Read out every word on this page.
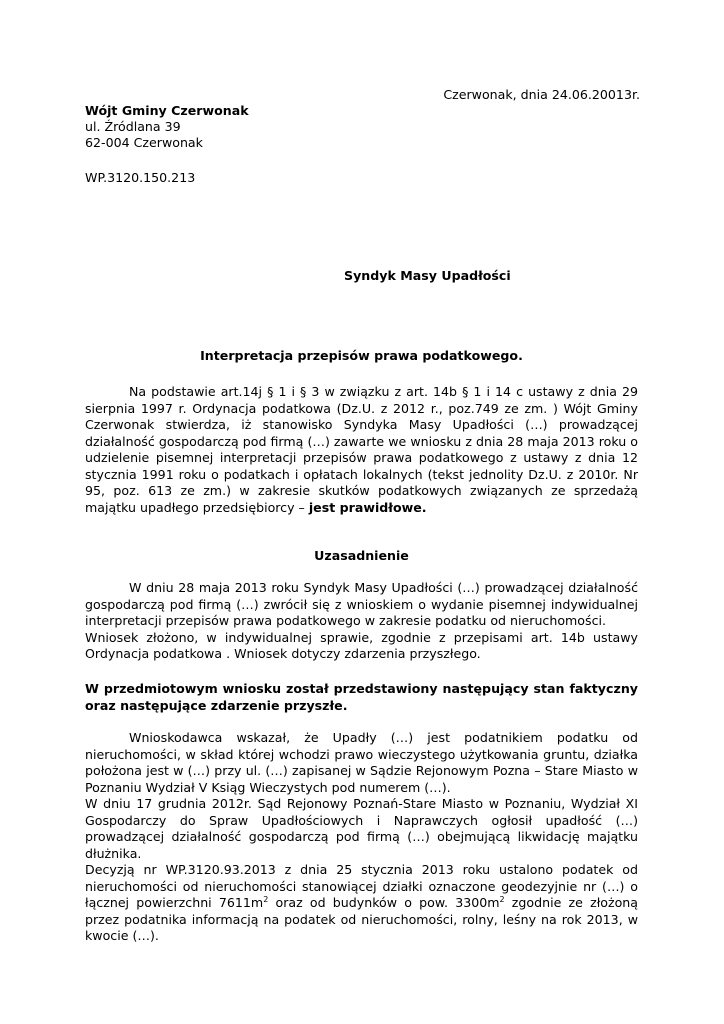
Czerwonak, dnia 24.06.20013r.
Wójt Gminy Czerwonak
ul. Źródlana 39
62-004 Czerwonak
WP.3120.150.213
Syndyk Masy Upadłości
Interpretacja przepisów prawa podatkowego.

Na podstawie art.14j § 1 i § 3 w związku z art. 14b § 1 i 14 c ustawy z dnia 29 sierpnia 1997 r. Ordynacja podatkowa (Dz.U. z 2012 r., poz.749 ze zm. ) Wójt Gminy Czerwonak stwierdza, iż stanowisko Syndyka Masy Upadłości (…) prowadzącej działalność gospodarczą pod firmą (…) zawarte we wniosku z dnia 28 maja 2013 roku o udzielenie pisemnej interpretacji przepisów prawa podatkowego z ustawy z dnia 12 stycznia 1991 roku o podatkach i opłatach lokalnych (tekst jednolity Dz.U. z 2010r. Nr 95, poz. 613 ze zm.) w zakresie skutków podatkowych związanych ze sprzedażą majątku upadłego przedsiębiorcy – jest prawidłowe.

Uzasadnienie

W dniu 28 maja 2013 roku Syndyk Masy Upadłości (…) prowadzącej działalność gospodarczą pod firmą (…) zwrócił się z wnioskiem o wydanie pisemnej indywidualnej interpretacji przepisów prawa podatkowego w zakresie podatku od nieruchomości.

Wniosek złożono, w indywidualnej sprawie, zgodnie z przepisami art. 14b ustawy Ordynacja podatkowa . Wniosek dotyczy zdarzenia przyszłego.

W przedmiotowym wniosku został przedstawiony następujący stan faktyczny oraz następujące zdarzenie przyszłe.

Wnioskodawca wskazał, że Upadły (…) jest podatnikiem podatku od nieruchomości, w skład której wchodzi prawo wieczystego użytkowania gruntu, działka położona jest w (…) przy ul. (…) zapisanej w Sądzie Rejonowym Pozna – Stare Miasto w Poznaniu Wydział V Ksiąg Wieczystych pod numerem (…).

W dniu 17 grudnia 2012r. Sąd Rejonowy Poznań-Stare Miasto w Poznaniu, Wydział XI Gospodarczy do Spraw Upadłościowych i Naprawczych ogłosił upadłość (…) prowadzącej działalność gospodarczą pod firmą (…) obejmującą likwidację majątku dłużnika.

Decyzją nr WP.3120.93.2013 z dnia 25 stycznia 2013 roku ustalono podatek od nieruchomości od nieruchomości stanowiącej działki oznaczone geodezyjnie nr (…) o łącznej powierzchni $7611m^2$ oraz od budynków o pow. $3300m^2$ zgodnie ze złożoną przez podatnika informacją na podatek od nieruchomości, rolny, leśny na rok 2013, w kwocie (…).
